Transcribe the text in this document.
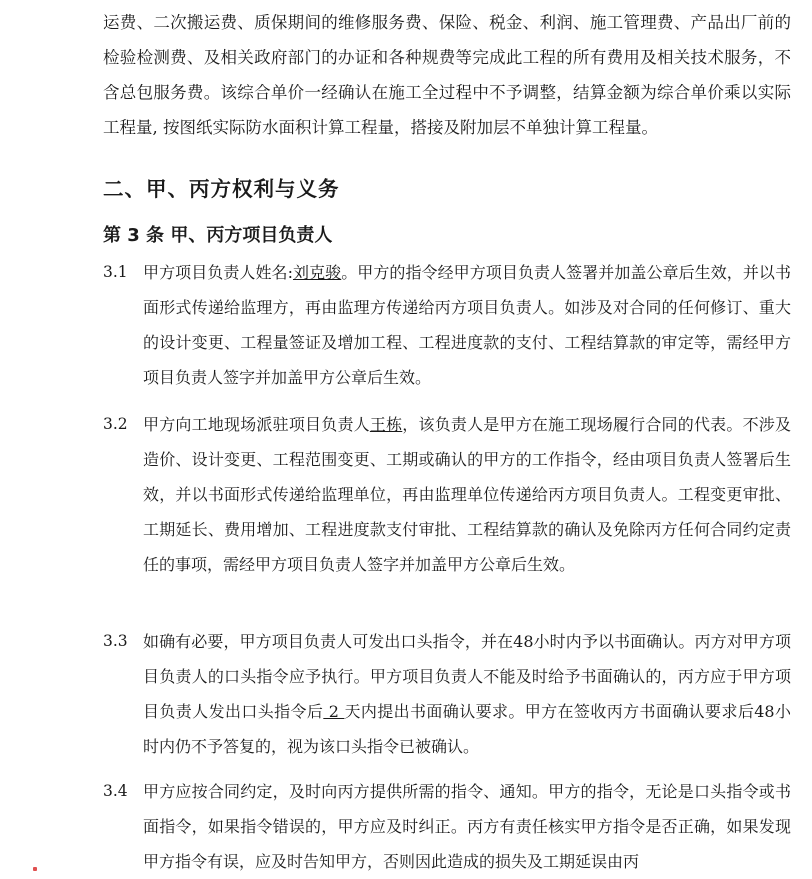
运费、二次搬运费、质保期间的维修服务费、保险、税金、利润、施工管理费、产品出厂前的检验检测费、及相关政府部门的办证和各种规费等完成此工程的所有费用及相关技术服务，不含总包服务费。该综合单价一经确认在施工全过程中不予调整，结算金额为综合单价乘以实际工程量, 按图纸实际防水面积计算工程量，搭接及附加层不单独计算工程量。
二、甲、丙方权利与义务
第 3 条 甲、丙方项目负责人
3.1 甲方项目负责人姓名:刘克骏。甲方的指令经甲方项目负责人签署并加盖公章后生效，并以书面形式传递给监理方，再由监理方传递给丙方项目负责人。如涉及对合同的任何修订、重大的设计变更、工程量签证及增加工程、工程进度款的支付、工程结算款的审定等，需经甲方项目负责人签字并加盖甲方公章后生效。
3.2 甲方向工地现场派驻项目负责人王栋，该负责人是甲方在施工现场履行合同的代表。不涉及造价、设计变更、工程范围变更、工期或确认的甲方的工作指令，经由项目负责人签署后生效，并以书面形式传递给监理单位，再由监理单位传递给丙方项目负责人。工程变更审批、工期延长、费用增加、工程进度款支付审批、工程结算款的确认及免除丙方任何合同约定责任的事项，需经甲方项目负责人签字并加盖甲方公章后生效。
3.3 如确有必要，甲方项目负责人可发出口头指令，并在48小时内予以书面确认。丙方对甲方项目负责人的口头指令应予执行。甲方项目负责人不能及时给予书面确认的，丙方应于甲方项目负责人发出口头指令后 2 天内提出书面确认要求。甲方在签收丙方书面确认要求后48小时内仍不予答复的，视为该口头指令已被确认。
3.4 甲方应按合同约定，及时向丙方提供所需的指令、通知。甲方的指令，无论是口头指令或书面指令，如果指令错误的，甲方应及时纠正。丙方有责任核实甲方指令是否正确，如果发现甲方指令有误，应及时告知甲方，否则因此造成的损失及工期延误由丙
